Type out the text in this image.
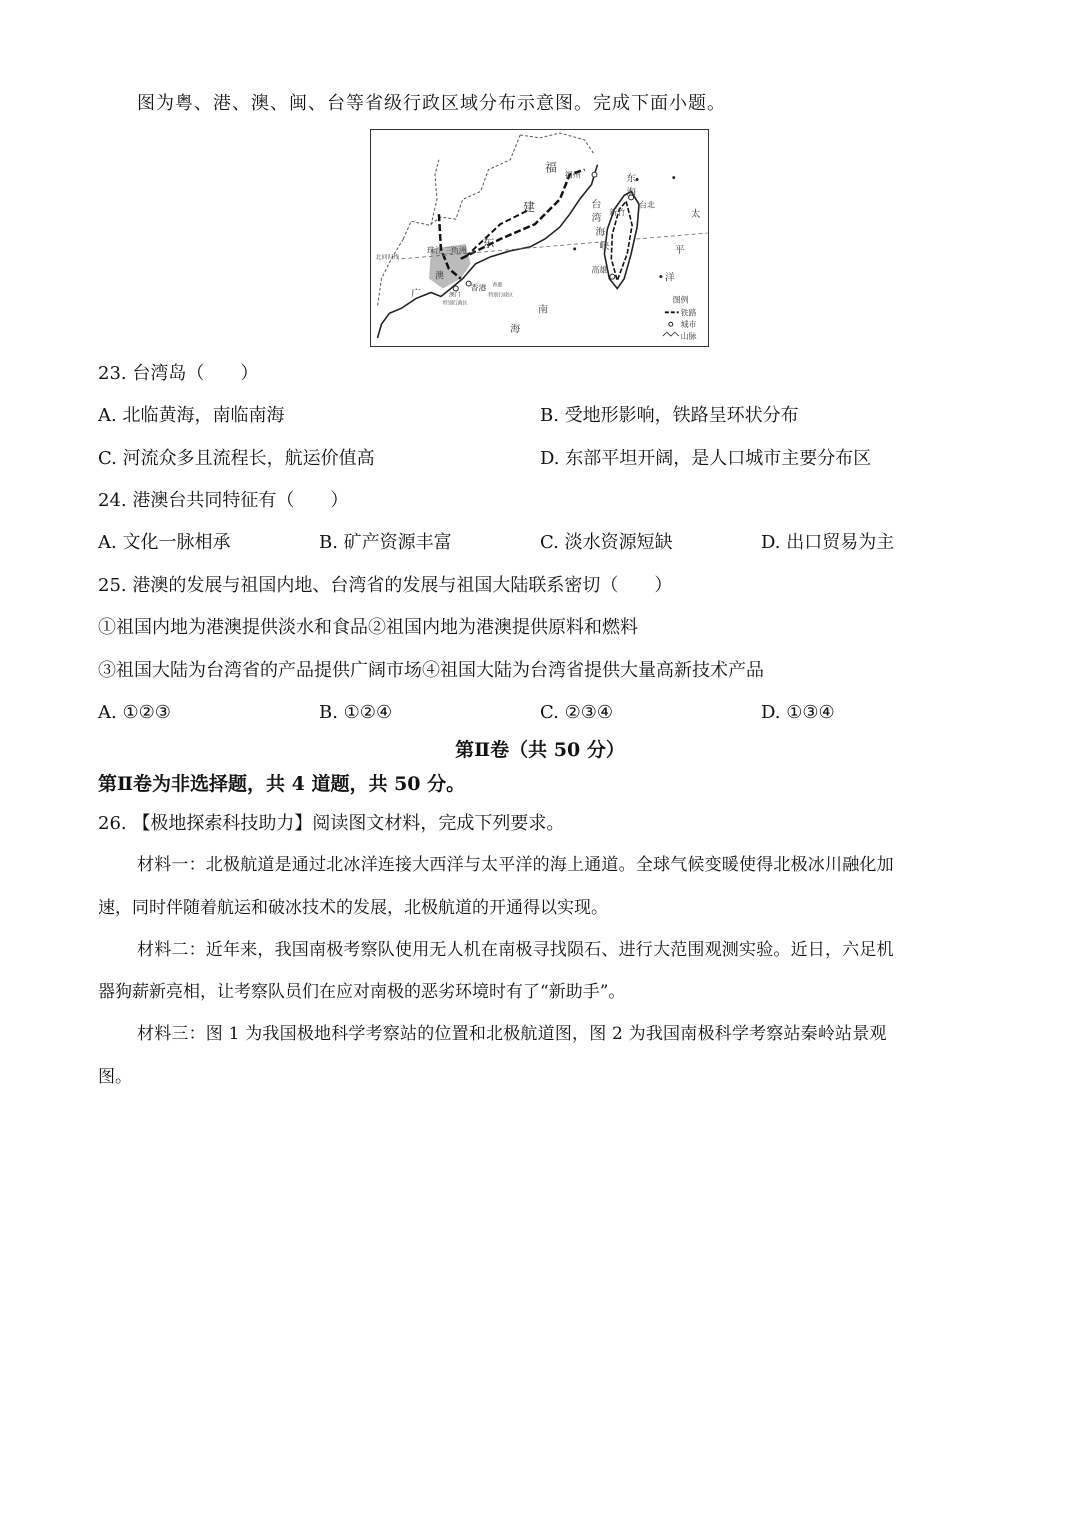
图为粤、港、澳、闽、台等省级行政区域分布示意图。完成下面小题。
福
福州
建
东
海
台
湾
海
峡
新竹
台北
太
平
洋
高雄
东
广
珠江 角洲
三
北回归线
澳
澳门
香港
特别行政区
特别行政区
香港
南
海
图例
铁路
城市
山脉
23. 台湾岛（　　）
A. 北临黄海，南临南海	B. 受地形影响，铁路呈环状分布
C. 河流众多且流程长，航运价值高	D. 东部平坦开阔，是人口城市主要分布区
24. 港澳台共同特征有（　　）
A. 文化一脉相承	B. 矿产资源丰富	C. 淡水资源短缺	D. 出口贸易为主
25. 港澳的发展与祖国内地、台湾省的发展与祖国大陆联系密切（　　）
①祖国内地为港澳提供淡水和食品②祖国内地为港澳提供原料和燃料
③祖国大陆为台湾省的产品提供广阔市场④祖国大陆为台湾省提供大量高新技术产品
A. ①②③	B. ①②④	C. ②③④	D. ①③④
第Ⅱ卷（共 50 分）
第Ⅱ卷为非选择题，共 4 道题，共 50 分。
26. 【极地探索科技助力】阅读图文材料，完成下列要求。
材料一：北极航道是通过北冰洋连接大西洋与太平洋的海上通道。全球气候变暖使得北极冰川融化加
速，同时伴随着航运和破冰技术的发展，北极航道的开通得以实现。
材料二：近年来，我国南极考察队使用无人机在南极寻找陨石、进行大范围观测实验。近日，六足机
器狗薪新亮相，让考察队员们在应对南极的恶劣环境时有了“新助手”。
材料三：图 1 为我国极地科学考察站的位置和北极航道图，图 2 为我国南极科学考察站秦岭站景观
图。
